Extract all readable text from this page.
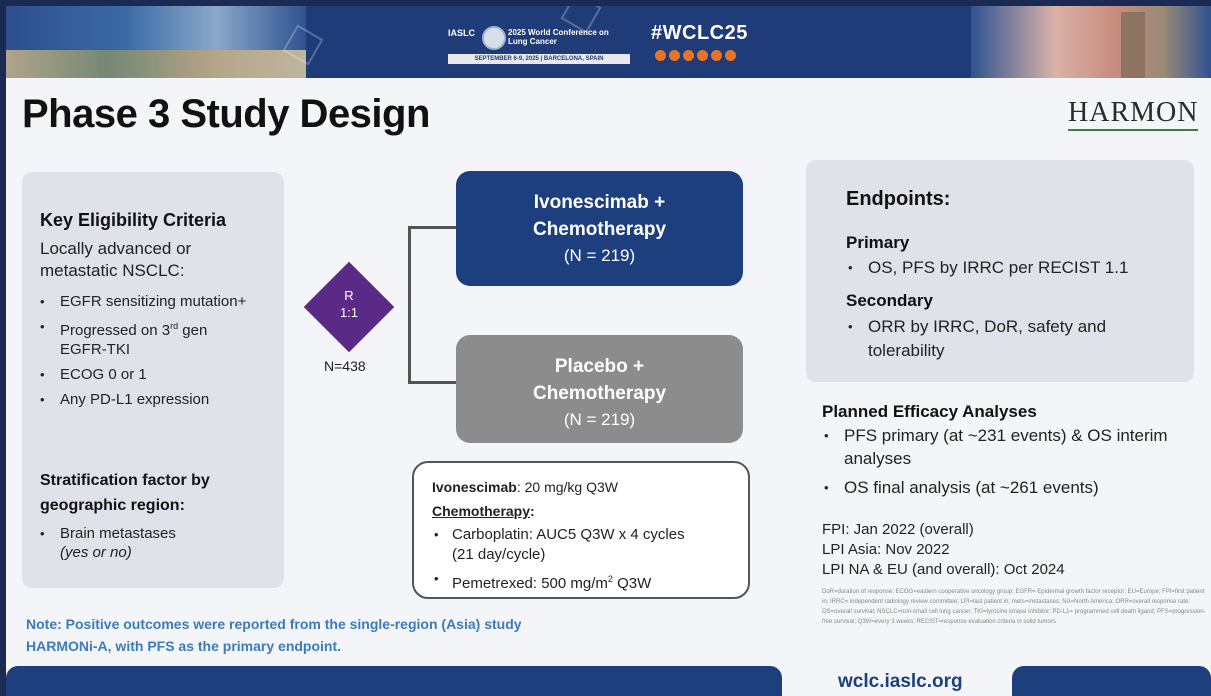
IASLC	2025 World Conference on Lung Cancer
SEPTEMBER 6-9, 2025 | BARCELONA, SPAIN
#WCLC25
Phase 3 Study Design	HARMON
Key Eligibility Criteria
Locally advanced or metastatic NSCLC:
• EGFR sensitizing mutation+
• Progressed on 3rd gen
EGFR-TKI
• ECOG 0 or 1
• Any PD-L1 expression
Stratification factor by geographic region:
• Brain metastases
(yes or no)
R
1:1
N=438
Ivonescimab +
Chemotherapy
(N = 219)
Placebo +
Chemotherapy
(N = 219)
Ivonescimab: 20 mg/kg Q3W
Chemotherapy:
• Carboplatin: AUC5 Q3W x 4 cycles
(21 day/cycle)
• Pemetrexed: 500 $mg/m^2$ Q3W
Note: Positive outcomes were reported from the single-region (Asia) study HARMONi-A, with PFS as the primary endpoint.
Endpoints:
Primary
• OS, PFS by IRRC per RECIST 1.1
Secondary
• ORR by IRRC, DoR, safety and tolerability
Planned Efficacy Analyses
• PFS primary (at ~231 events) & OS interim analyses
• OS final analysis (at ~261 events)
FPI: Jan 2022 (overall)
LPI Asia: Nov 2022
LPI NA & EU (and overall): Oct 2024
DoR=duration of response; ECOG=eastern cooperative oncology group; EGFR= Epidermal growth factor receptor; EU=Europe; FPI=first patient in; IRRC= independent radiology review committee; LPI=last patient in; mets=metastases; NA=North America; ORR=overall response rate; OS=overall survival; NSCLC=non-small cell lung cancer; TKI=tyrosine kinase inhibitor; PD-L1= programmed cell death ligand; PFS=progression-free survival; Q3W=every 3 weeks; RECIST=response evaluation criteria in solid tumors
wclc.iaslc.org
